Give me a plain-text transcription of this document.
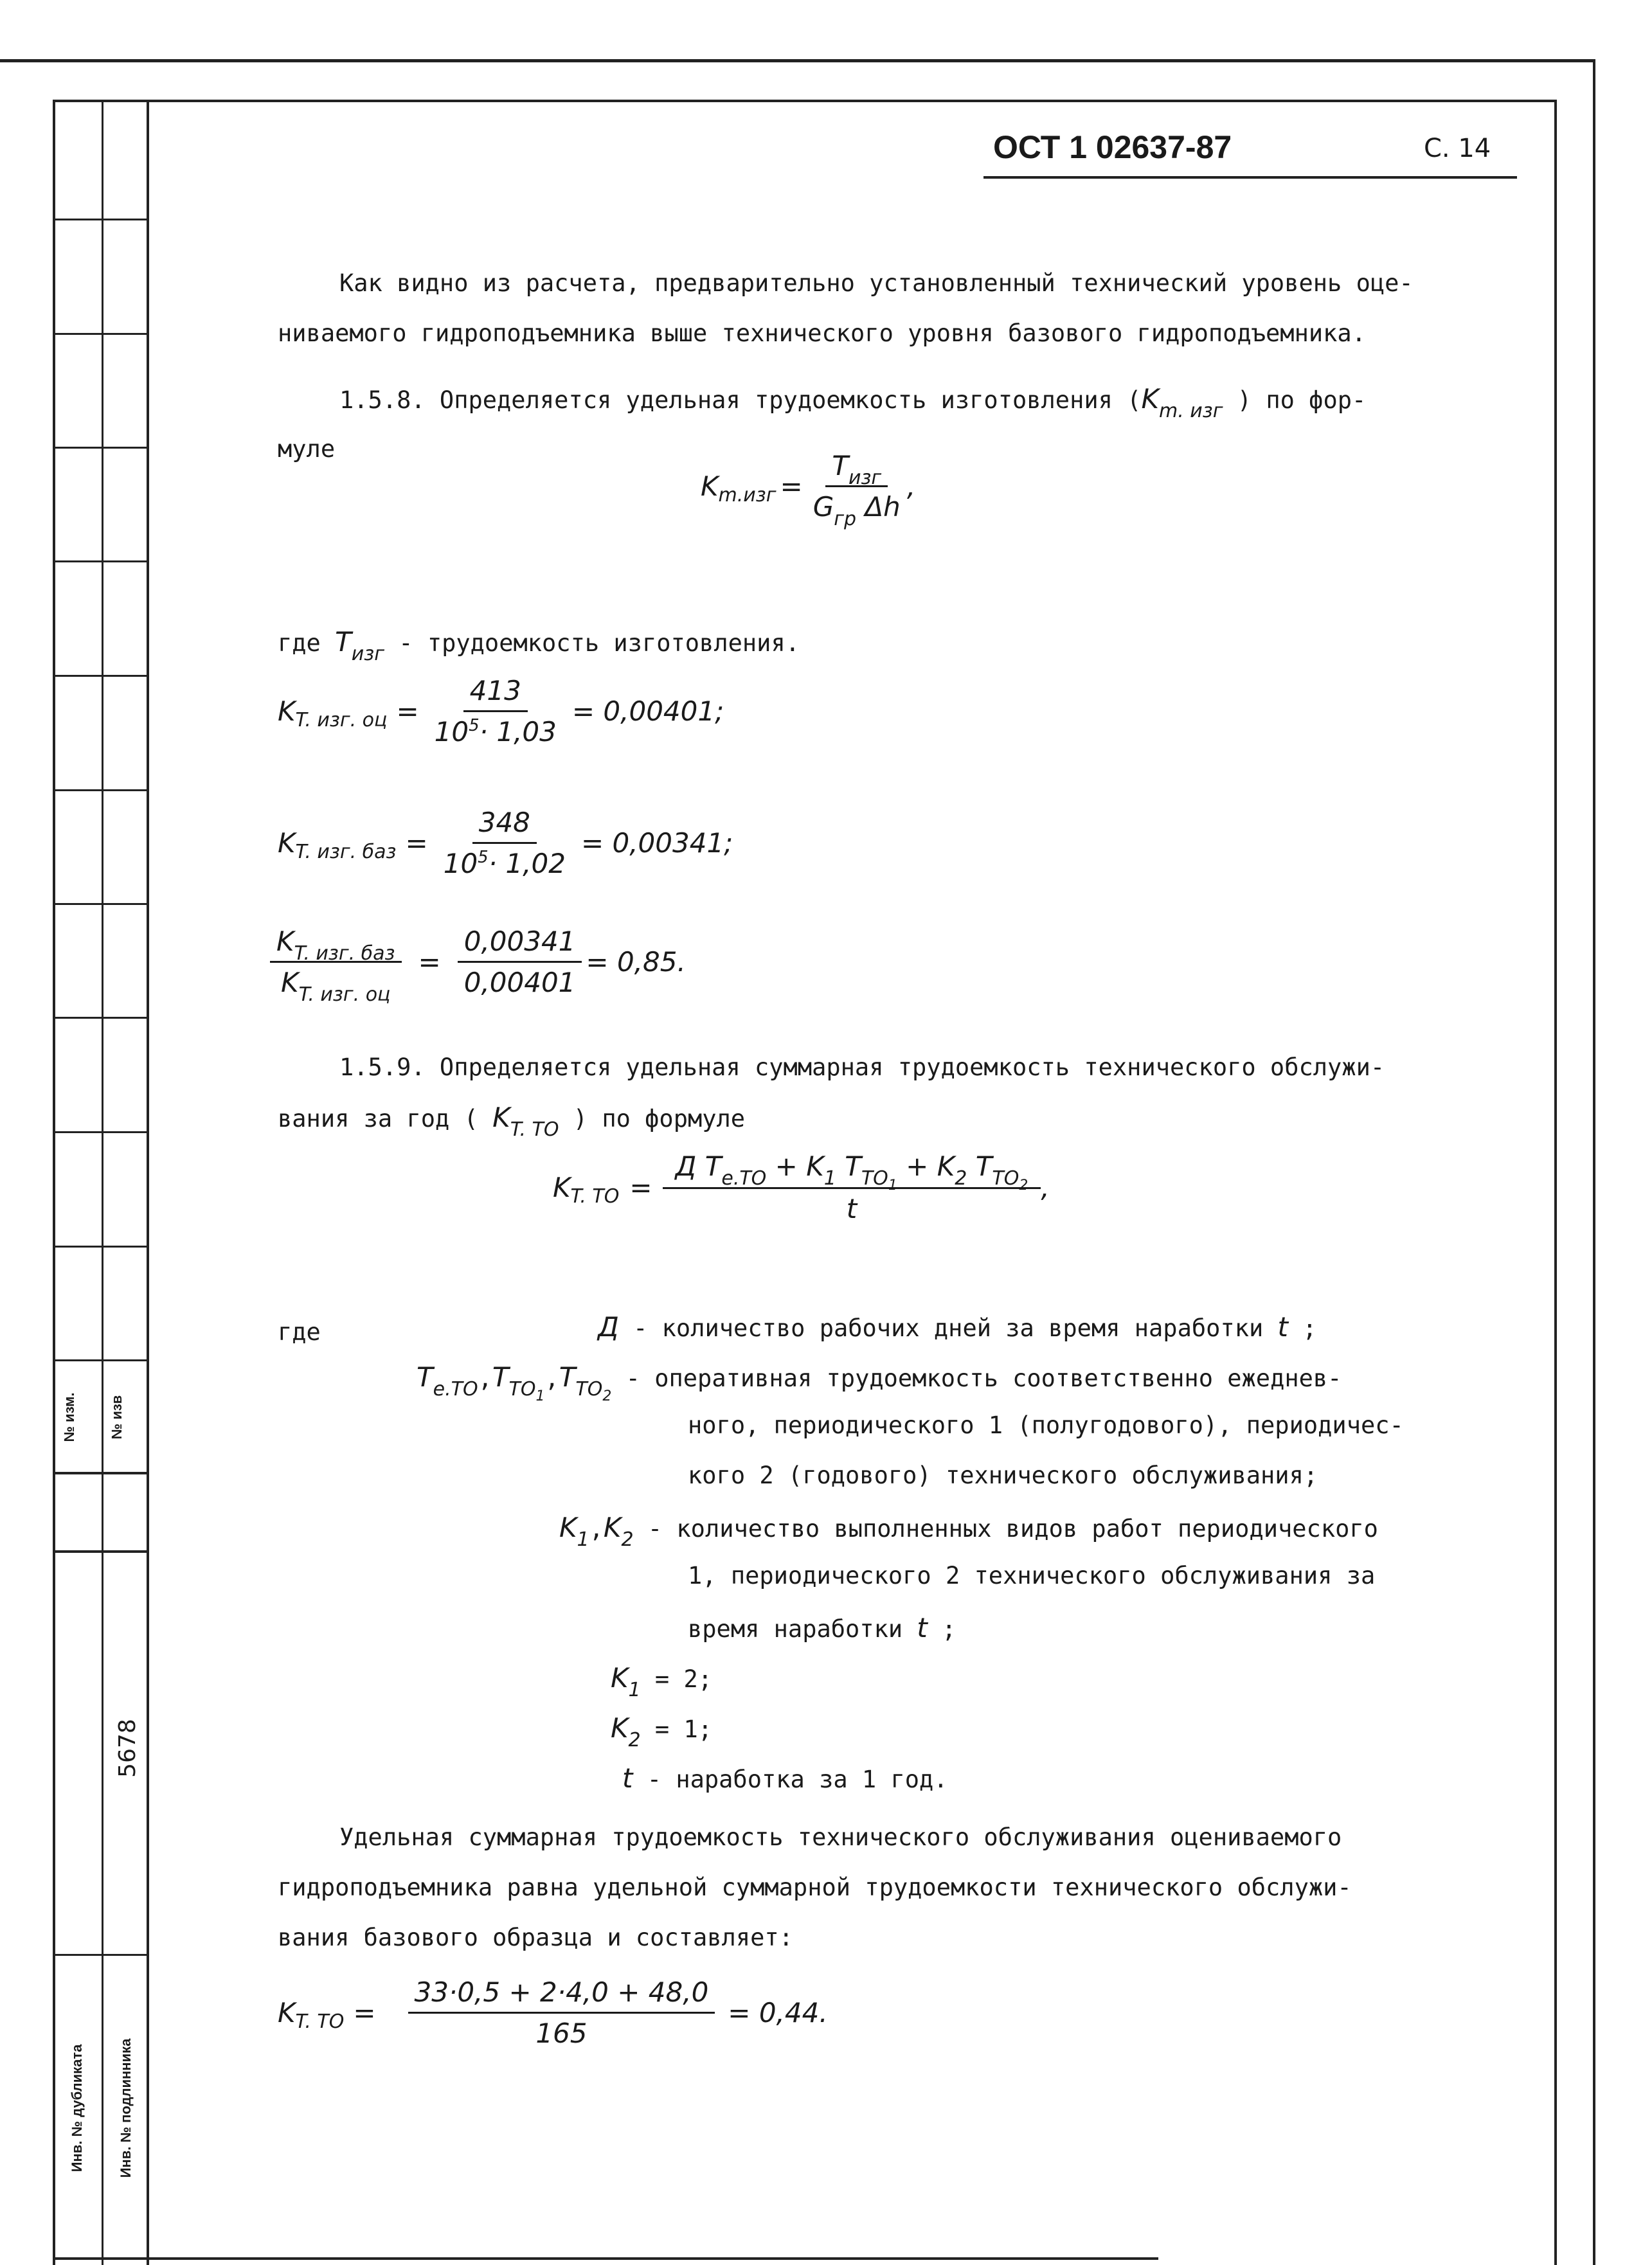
№ изм. № изв
5678
Инв. № дубликата Инв. № подлинника
ОСТ 1 02637-87	С. 14
Как видно из расчета, предварительно установленный технический уровень оце-
ниваемого гидроподъемника выше технического уровня базового гидроподъемника.
1.5.8. Определяется удельная трудоемкость изготовления ($K_{m. изг}$ ) по фор-
муле
K $m.изг = \frac{T_{изг}}{G_{гр} \Delta h}$ ,
где $T_{изг}$ - трудоемкость изготовления.
K T. изг. оц = $\frac{413}{10^5\cdot 1,03} = 0,00401$;
K T. изг. баз = $\frac{348}{10^5\cdot 1,02} = 0,00341$;
$\frac{K_{T. изг. баз}}{K_{T. изг. оц}} = \frac{0,00341}{0,00401} = 0,85$.
1.5.9. Определяется удельная суммарная трудоемкость технического обслужи-
вания за год ( $K_{T. ТО}$ ) по формуле
K T. ТО = $\frac{Д T_{е.ТО} + K_1 T_{ТО1} + K_2 T_{ТО2}}{t}$ ,
где	Д - количество рабочих дней за время наработки t ;
$T_{е.ТО},T_{ТО1},T_{ТО2}$ - оперативная трудоемкость соответственно ежеднев-
ного, периодического 1 (полугодового), периодичес-
кого 2 (годового) технического обслуживания;
$K_1,K_2$ - количество выполненных видов работ периодического
1, периодического 2 технического обслуживания за
время наработки t ;
$K_1 = 2$;
$K_2 = 1$;
t - наработка за 1 год.
Удельная суммарная трудоемкость технического обслуживания оцениваемого
гидроподъемника равна удельной суммарной трудоемкости технического обслужи-
вания базового образца и составляет:
K T. ТО = $\frac{33\cdot 0,5 + 2\cdot 4,0 + 48,0}{165} = 0,44$.
